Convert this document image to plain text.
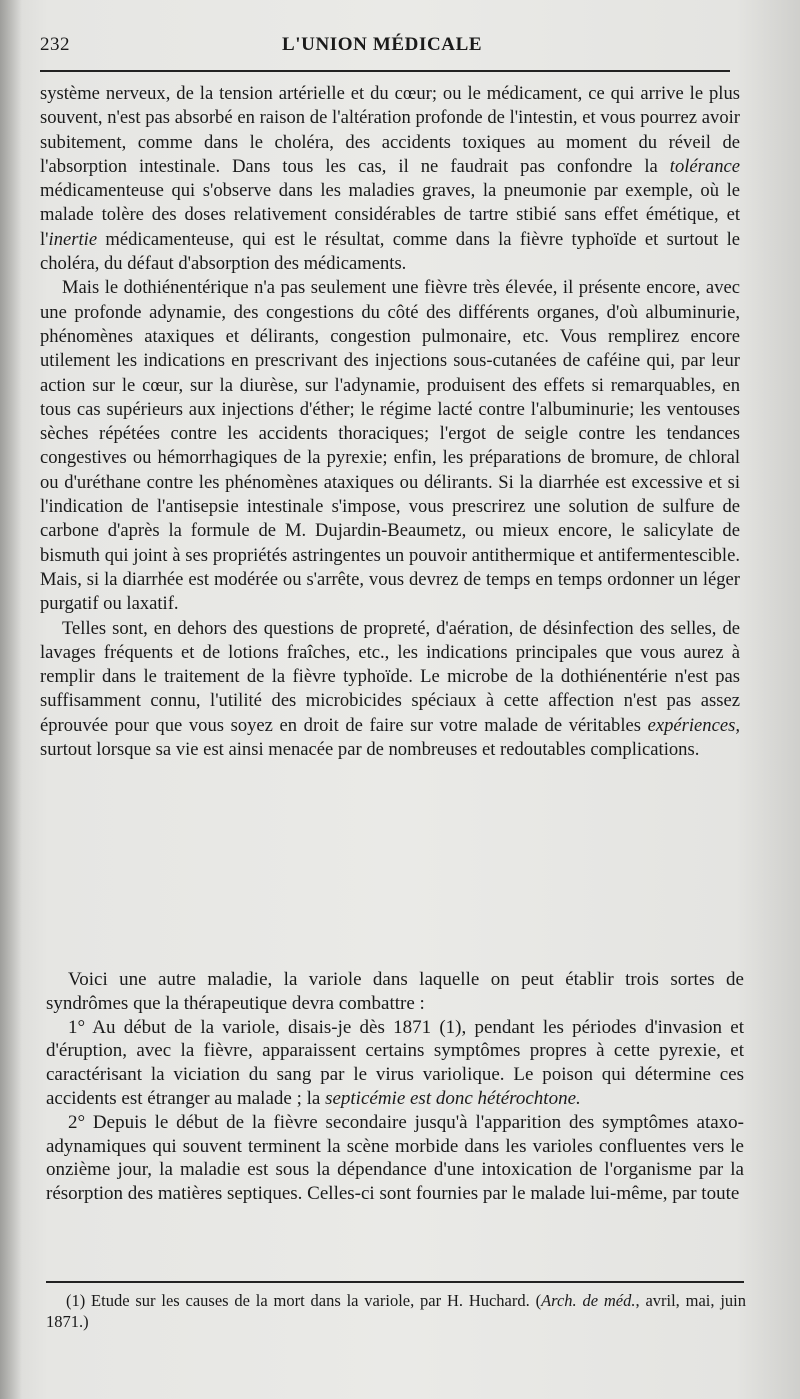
232	L'UNION MÉDICALE

système nerveux, de la tension artérielle et du cœur; ou le médicament, ce qui arrive le plus souvent, n'est pas absorbé en raison de l'altération profonde de l'intestin, et vous pourrez avoir subitement, comme dans le choléra, des accidents toxiques au moment du réveil de l'absorption intestinale. Dans tous les cas, il ne faudrait pas confondre la tolérance médicamenteuse qui s'observe dans les maladies graves, la pneumonie par exemple, où le malade tolère des doses relativement considérables de tartre stibié sans effet émétique, et l'inertie médicamenteuse, qui est le résultat, comme dans la fièvre typhoïde et surtout le choléra, du défaut d'absorption des médicaments.

Mais le dothiénentérique n'a pas seulement une fièvre très élevée, il présente encore, avec une profonde adynamie, des congestions du côté des différents organes, d'où albuminurie, phénomènes ataxiques et délirants, congestion pulmonaire, etc. Vous remplirez encore utilement les indications en prescrivant des injections sous-cutanées de caféine qui, par leur action sur le cœur, sur la diurèse, sur l'adynamie, produisent des effets si remarquables, en tous cas supérieurs aux injections d'éther; le régime lacté contre l'albuminurie; les ventouses sèches répétées contre les accidents thoraciques; l'ergot de seigle contre les tendances congestives ou hémorrhagiques de la pyrexie; enfin, les préparations de bromure, de chloral ou d'uréthane contre les phénomènes ataxiques ou délirants. Si la diarrhée est excessive et si l'indication de l'antisepsie intestinale s'impose, vous prescrirez une solution de sulfure de carbone d'après la formule de M. Dujardin-Beaumetz, ou mieux encore, le salicylate de bismuth qui joint à ses propriétés astringentes un pouvoir antithermique et antifermentescible. Mais, si la diarrhée est modérée ou s'arrête, vous devrez de temps en temps ordonner un léger purgatif ou laxatif.

Telles sont, en dehors des questions de propreté, d'aération, de désinfection des selles, de lavages fréquents et de lotions fraîches, etc., les indications principales que vous aurez à remplir dans le traitement de la fièvre typhoïde. Le microbe de la dothiénentérie n'est pas suffisamment connu, l'utilité des microbicides spéciaux à cette affection n'est pas assez éprouvée pour que vous soyez en droit de faire sur votre malade de véritables expériences, surtout lorsque sa vie est ainsi menacée par de nombreuses et redoutables complications.

Voici une autre maladie, la variole dans laquelle on peut établir trois sortes de syndrômes que la thérapeutique devra combattre :

1° Au début de la variole, disais-je dès 1871 (1), pendant les périodes d'invasion et d'éruption, avec la fièvre, apparaissent certains symptômes propres à cette pyrexie, et caractérisant la viciation du sang par le virus variolique. Le poison qui détermine ces accidents est étranger au malade ; la septicémie est donc hétérochtone.

2° Depuis le début de la fièvre secondaire jusqu'à l'apparition des symptômes ataxo-adynamiques qui souvent terminent la scène morbide dans les varioles confluentes vers le onzième jour, la maladie est sous la dépendance d'une intoxication de l'organisme par la résorption des matières septiques. Celles-ci sont fournies par le malade lui-même, par toute

(1) Etude sur les causes de la mort dans la variole, par H. Huchard. (Arch. de méd., avril, mai, juin 1871.)
